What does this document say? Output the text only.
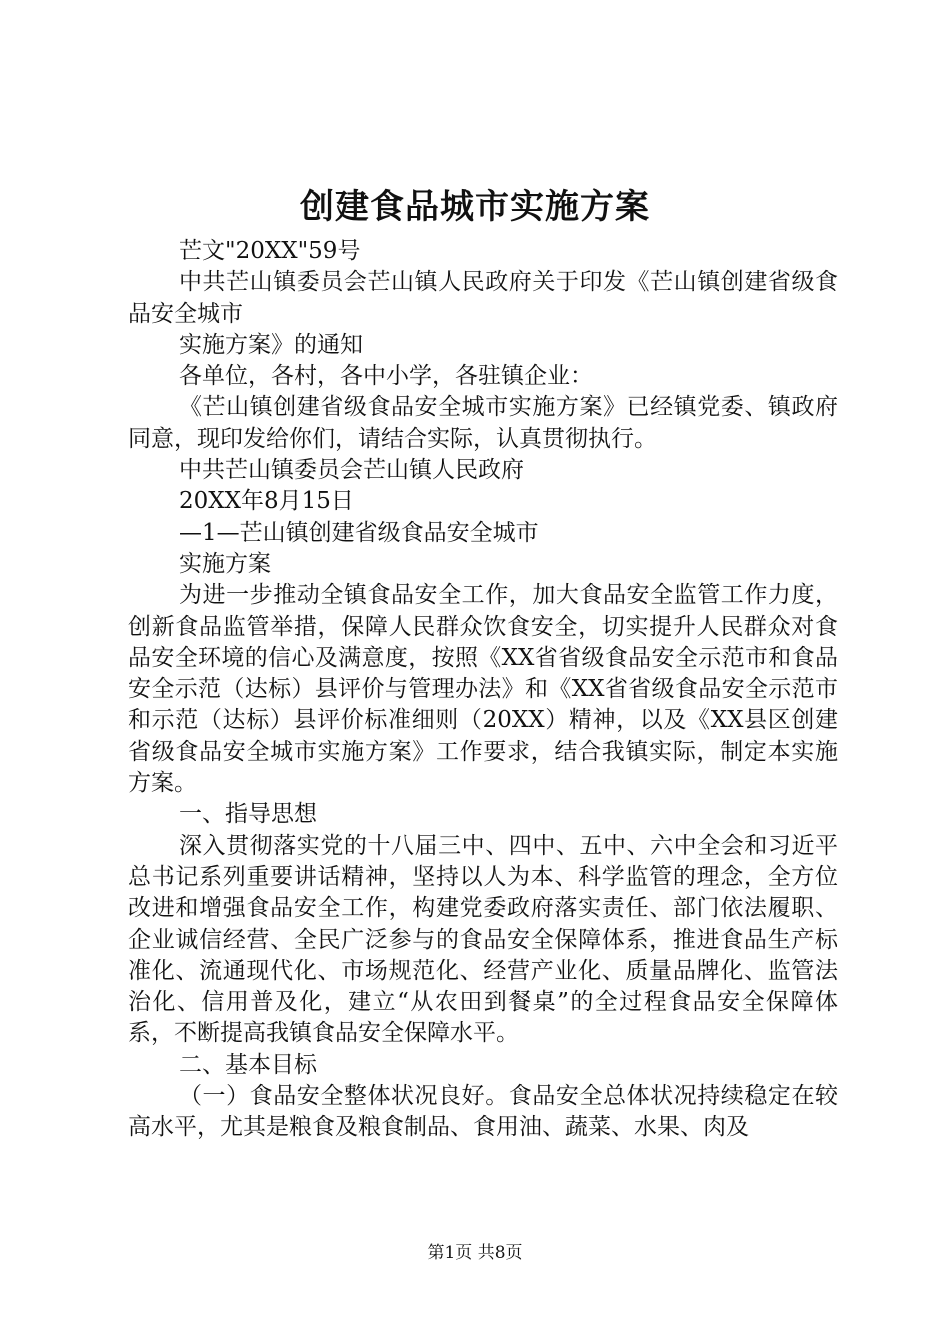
创建食品城市实施方案

芒文"20XX"59号

中共芒山镇委员会芒山镇人民政府关于印发《芒山镇创建省级食品安全城市

实施方案》的通知

各单位，各村，各中小学，各驻镇企业：

《芒山镇创建省级食品安全城市实施方案》已经镇党委、镇政府同意，现印发给你们，请结合实际，认真贯彻执行。

中共芒山镇委员会芒山镇人民政府

20XX年8月15日

—1—芒山镇创建省级食品安全城市

实施方案

为进一步推动全镇食品安全工作，加大食品安全监管工作力度，创新食品监管举措，保障人民群众饮食安全，切实提升人民群众对食品安全环境的信心及满意度，按照《XX省省级食品安全示范市和食品安全示范（达标）县评价与管理办法》和《XX省省级食品安全示范市和示范（达标）县评价标准细则（20XX）精神，以及《XX县区创建省级食品安全城市实施方案》工作要求，结合我镇实际，制定本实施方案。

一、指导思想

深入贯彻落实党的十八届三中、四中、五中、六中全会和习近平总书记系列重要讲话精神，坚持以人为本、科学监管的理念，全方位改进和增强食品安全工作，构建党委政府落实责任、部门依法履职、企业诚信经营、全民广泛参与的食品安全保障体系，推进食品生产标准化、流通现代化、市场规范化、经营产业化、质量品牌化、监管法治化、信用普及化，建立“从农田到餐桌”的全过程食品安全保障体系，不断提高我镇食品安全保障水平。

二、基本目标

（一）食品安全整体状况良好。食品安全总体状况持续稳定在较高水平，尤其是粮食及粮食制品、食用油、蔬菜、水果、肉及

第1页 共8页
